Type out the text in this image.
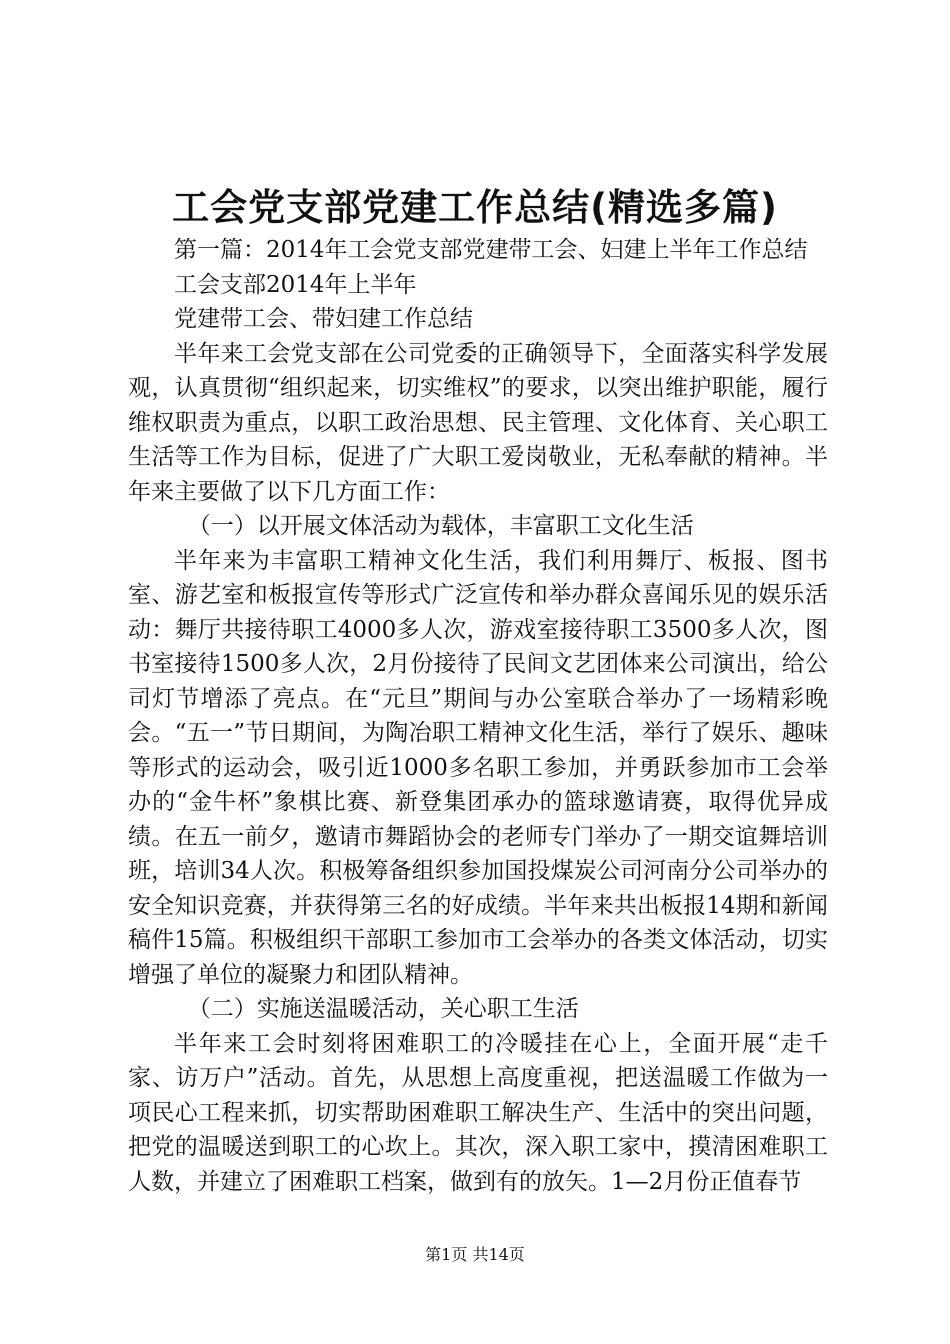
工会党支部党建工作总结(精选多篇)

第一篇：2014年工会党支部党建带工会、妇建上半年工作总结

工会支部2014年上半年

党建带工会、带妇建工作总结

半年来工会党支部在公司党委的正确领导下，全面落实科学发展观，认真贯彻“组织起来，切实维权”的要求，以突出维护职能，履行维权职责为重点，以职工政治思想、民主管理、文化体育、关心职工生活等工作为目标，促进了广大职工爱岗敬业，无私奉献的精神。半年来主要做了以下几方面工作：

（一）以开展文体活动为载体，丰富职工文化生活

半年来为丰富职工精神文化生活，我们利用舞厅、板报、图书室、游艺室和板报宣传等形式广泛宣传和举办群众喜闻乐见的娱乐活动：舞厅共接待职工4000多人次，游戏室接待职工3500多人次，图书室接待1500多人次，2月份接待了民间文艺团体来公司演出，给公司灯节增添了亮点。在“元旦”期间与办公室联合举办了一场精彩晚会。“五一”节日期间，为陶冶职工精神文化生活，举行了娱乐、趣味等形式的运动会，吸引近1000多名职工参加，并勇跃参加市工会举办的“金牛杯”象棋比赛、新登集团承办的篮球邀请赛，取得优异成绩。在五一前夕，邀请市舞蹈协会的老师专门举办了一期交谊舞培训班，培训34人次。积极筹备组织参加国投煤炭公司河南分公司举办的安全知识竞赛，并获得第三名的好成绩。半年来共出板报14期和新闻稿件15篇。积极组织干部职工参加市工会举办的各类文体活动，切实增强了单位的凝聚力和团队精神。

（二）实施送温暖活动，关心职工生活

半年来工会时刻将困难职工的冷暖挂在心上，全面开展“走千家、访万户”活动。首先，从思想上高度重视，把送温暖工作做为一项民心工程来抓，切实帮助困难职工解决生产、生活中的突出问题，把党的温暖送到职工的心坎上。其次，深入职工家中，摸清困难职工人数，并建立了困难职工档案，做到有的放矢。1—2月份正值春节

第1页 共14页
